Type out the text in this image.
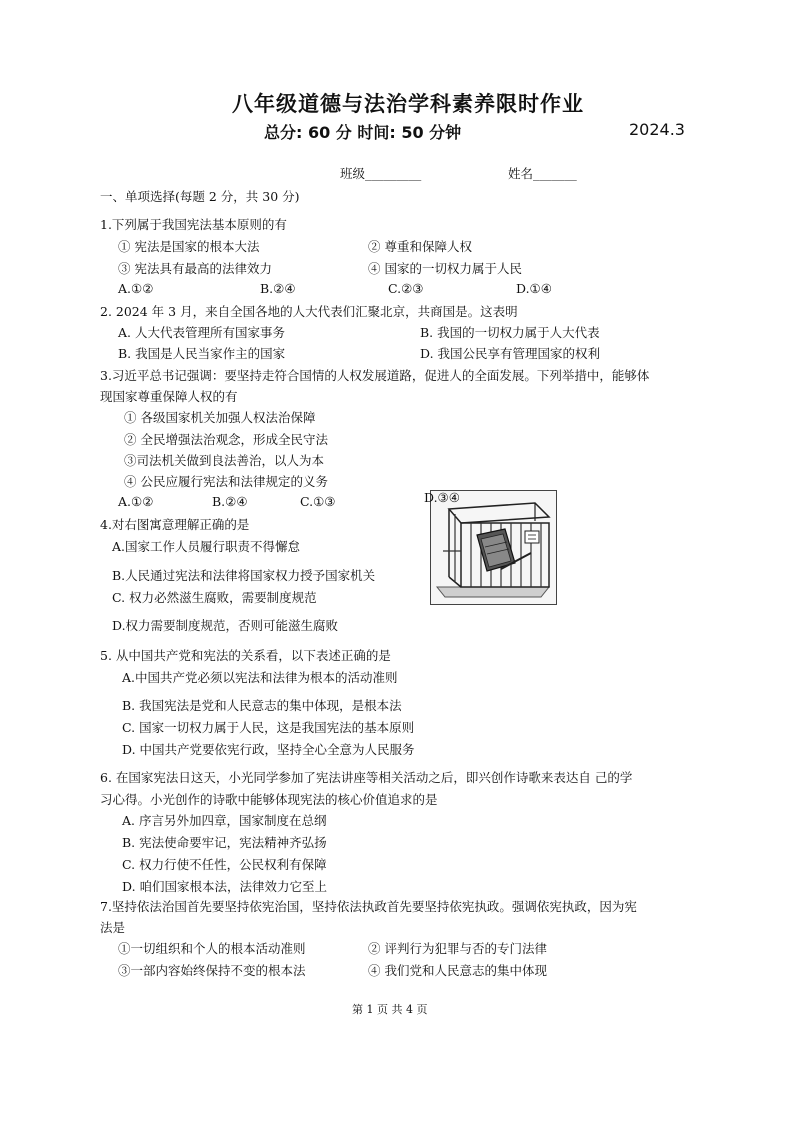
八年级道德与法治学科素养限时作业
总分: 60 分 时间: 50 分钟	2024.3
班级_________	姓名_______
一、单项选择(每题 2 分，共 30 分)
1.下列属于我国宪法基本原则的有
① 宪法是国家的根本大法	② 尊重和保障人权
③ 宪法具有最高的法律效力	④ 国家的一切权力属于人民
A.①②	B.②④	C.②③	D.①④
2. 2024 年 3 月，来自全国各地的人大代表们汇聚北京，共商国是。这表明
A. 人大代表管理所有国家事务	B. 我国的一切权力属于人大代表
B. 我国是人民当家作主的国家	D. 我国公民享有管理国家的权利
3.习近平总书记强调：要坚持走符合国情的人权发展道路，促进人的全面发展。下列举措中，能够体
现国家尊重保障人权的有
① 各级国家机关加强人权法治保障
② 全民增强法治观念，形成全民守法
③司法机关做到良法善治，以人为本
④ 公民应履行宪法和法律规定的义务
A.①②	B.②④	C.①③	D.③④
4.对右图寓意理解正确的是
A.国家工作人员履行职责不得懈怠
B.人民通过宪法和法律将国家权力授予国家机关
C. 权力必然滋生腐败，需要制度规范
D.权力需要制度规范，否则可能滋生腐败
5. 从中国共产党和宪法的关系看，以下表述正确的是
A.中国共产党必须以宪法和法律为根本的活动准则
B. 我国宪法是党和人民意志的集中体现，是根本法
C. 国家一切权力属于人民，这是我国宪法的基本原则
D. 中国共产党要依宪行政，坚持全心全意为人民服务
6. 在国家宪法日这天，小光同学参加了宪法讲座等相关活动之后，即兴创作诗歌来表达自 己的学
习心得。小光创作的诗歌中能够体现宪法的核心价值追求的是
A. 序言另外加四章，国家制度在总纲
B. 宪法使命要牢记，宪法精神齐弘扬
C. 权力行使不任性，公民权利有保障
D. 咱们国家根本法，法律效力它至上
7.坚持依法治国首先要坚持依宪治国，坚持依法执政首先要坚持依宪执政。强调依宪执政，因为宪
法是
①一切组织和个人的根本活动准则	② 评判行为犯罪与否的专门法律
③一部内容始终保持不变的根本法	④ 我们党和人民意志的集中体现
第 1 页 共 4 页
